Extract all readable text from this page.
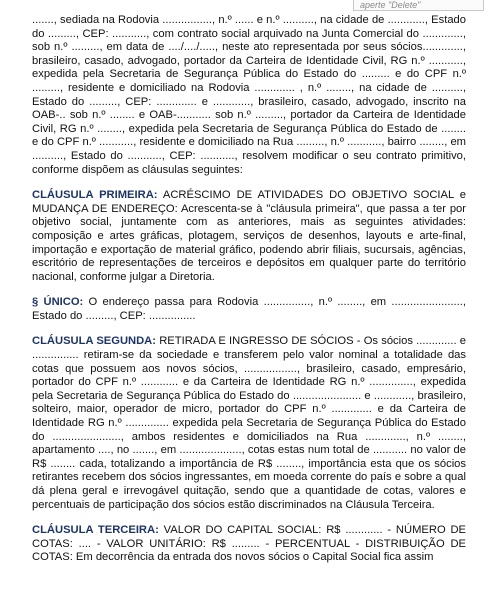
aperte "Delete"

......., sediada na Rodovia ................, n.º ...... e n.º .........., na cidade de ............, Estado do ........., CEP: ..........., com contrato social arquivado na Junta Comercial do ............., sob n.º ........., em data de ..../..../....., neste ato representada por seus sócios............., brasileiro, casado, advogado, portador da Carteira de Identidade Civil, RG n.º ..........., expedida pela Secretaria de Segurança Pública do Estado do ......... e do CPF n.º ........., residente e domiciliado na Rodovia ............. , n.º ........, na cidade de .........., Estado do ........., CEP: ............. e ............, brasileiro, casado, advogado, inscrito na OAB-.. sob n.º ........ e OAB-........... sob n.º ........., portador da Carteira de Identidade Civil, RG n.º ........, expedida pela Secretaria de Segurança Pública do Estado de ........ e do CPF n.º ..........., residente e domiciliado na Rua ........., n.º ..........., bairro ........, em .........., Estado do ..........., CEP: ..........., resolvem modificar o seu contrato primitivo, conforme dispõem as cláusulas seguintes:

CLÁUSULA PRIMEIRA: ACRÉSCIMO DE ATIVIDADES DO OBJETIVO SOCIAL e MUDANÇA DE ENDEREÇO: Acrescenta-se à "cláusula primeira", que passa a ter por objetivo social, juntamente com as anteriores, mais as seguintes atividades: composição e artes gráficas, plotagem, serviços de desenhos, layouts e arte-final, importação e exportação de material gráfico, podendo abrir filiais, sucursais, agências, escritório de representações de terceiros e depósitos em qualquer parte do território nacional, conforme julgar a Diretoria.

§ ÚNICO: O endereço passa para Rodovia ..............., n.º ........, em ......................., Estado do ........., CEP: ...............

CLÁUSULA SEGUNDA: RETIRADA E INGRESSO DE SÓCIOS - Os sócios ............. e ............... retiram-se da sociedade e transferem pelo valor nominal a totalidade das cotas que possuem aos novos sócios, ................., brasileiro, casado, empresário, portador do CPF n.º ............ e da Carteira de Identidade RG n.º .............., expedida pela Secretaria de Segurança Pública do Estado do ...................... e ............, brasileiro, solteiro, maior, operador de micro, portador do CPF n.º ............. e da Carteira de Identidade RG n.º .............. expedida pela Secretaria de Segurança Pública do Estado do ......................, ambos residentes e domiciliados na Rua ............., n.º ........, apartamento ...., no ......., em ...................., cotas estas num total de ........... no valor de R$ ........ cada, totalizando a importância de R$ ........, importância esta que os sócios retirantes recebem dos sócios ingressantes, em moeda corrente do país e sobre a qual dá plena geral e irrevogável quitação, sendo que a quantidade de cotas, valores e percentuais de participação dos sócios estão discriminados na Cláusula Terceira.

CLÁUSULA TERCEIRA: VALOR DO CAPITAL SOCIAL: R$ ............ - NÚMERO DE COTAS: .... - VALOR UNITÁRIO: R$ ......... - PERCENTUAL - DISTRIBUIÇÃO DE COTAS: Em decorrência da entrada dos novos sócios o Capital Social fica assim
